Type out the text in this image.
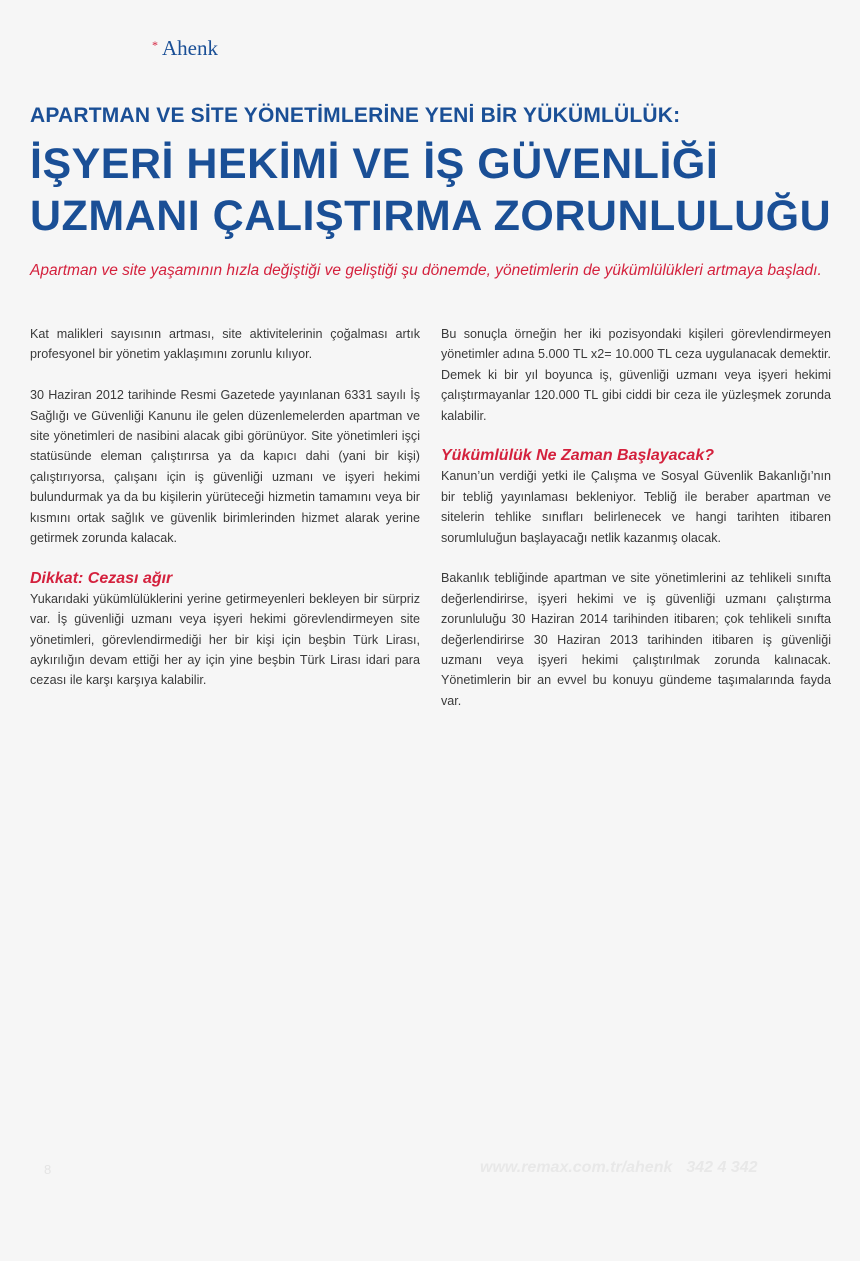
* Ahenk
APARTMAN VE SİTE YÖNETİMLERİNE YENİ BİR YÜKÜMLÜLÜK:
İŞYERİ HEKİMİ VE İŞ GÜVENLİĞİ
UZMANI ÇALIŞTIRMA ZORUNLULUĞU
Apartman ve site yaşamının hızla değiştiği ve geliştiği şu dönemde, yönetimlerin de yükümlülükleri artmaya başladı.

Kat malikleri sayısının artması, site aktivitelerinin çoğalması artık profesyonel bir yönetim yaklaşımını zorunlu kılıyor.

30 Haziran 2012 tarihinde Resmi Gazetede yayınlanan 6331 sayılı İş Sağlığı ve Güvenliği Kanunu ile gelen düzenlemelerden apartman ve site yönetimleri de nasibini alacak gibi görünüyor. Site yönetimleri işçi statüsünde eleman çalıştırırsa ya da kapıcı dahi (yani bir kişi) çalıştırıyorsa, çalışanı için iş güvenliği uzmanı ve işyeri hekimi bulundurmak ya da bu kişilerin yürüteceği hizmetin tamamını veya bir kısmını ortak sağlık ve güvenlik birimlerinden hizmet alarak yerine getirmek zorunda kalacak.

Dikkat: Cezası ağır

Yukarıdaki yükümlülüklerini yerine getirmeyenleri bekleyen bir sürpriz var. İş güvenliği uzmanı veya işyeri hekimi görevlendirmeyen site yönetimleri, görevlendirmediği her bir kişi için beşbin Türk Lirası, aykırılığın devam ettiği her ay için yine beşbin Türk Lirası idari para cezası ile karşı karşıya kalabilir.

Bu sonuçla örneğin her iki pozisyondaki kişileri görevlendirmeyen yönetimler adına 5.000 TL x2= 10.000 TL ceza uygulanacak demektir. Demek ki bir yıl boyunca iş, güvenliği uzmanı veya işyeri hekimi çalıştırmayanlar 120.000 TL gibi ciddi bir ceza ile yüzleşmek zorunda kalabilir.

Yükümlülük Ne Zaman Başlayacak?

Kanun’un verdiği yetki ile Çalışma ve Sosyal Güvenlik Bakanlığı’nın bir tebliğ yayınlaması bekleniyor. Tebliğ ile beraber apartman ve sitelerin tehlike sınıfları belirlenecek ve hangi tarihten itibaren sorumluluğun başlayacağı netlik kazanmış olacak.

Bakanlık tebliğinde apartman ve site yönetimlerini az tehlikeli sınıfta değerlendirirse, işyeri hekimi ve iş güvenliği uzmanı çalıştırma zorunluluğu 30 Haziran 2014 tarihinden itibaren; çok tehlikeli sınıfta değerlendirirse 30 Haziran 2013 tarihinden itibaren iş güvenliği uzmanı veya işyeri hekimi çalıştırılmak zorunda kalınacak. Yönetimlerin bir an evvel bu konuyu gündeme taşımalarında fayda var.

8	www.remax.com.tr/ahenk 342 4 342
